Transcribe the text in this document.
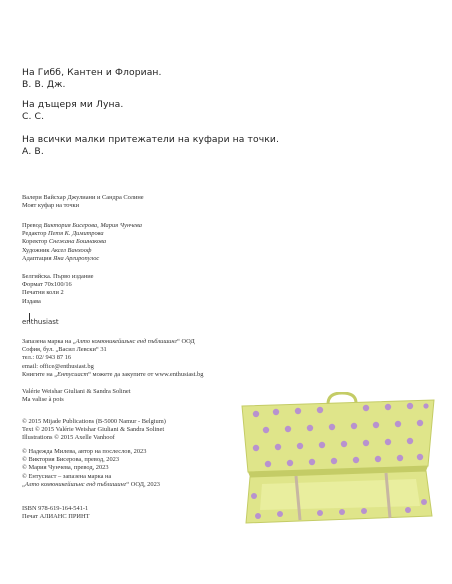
На Гибб, Кантен и Флориан.
В. В. Дж.
На дъщеря ми Луна.
С. С.
На всички малки притежатели на куфари на точки.
А. В.
Валери Вайсхар Джулиани и Сандра Солине
Моят куфар на точки
Превод Виктория Бисерова, Мария Чунчева
Редактор Петя К. Димитрова
Коректор Снежана Бошнакова
Художник Аксел Ванхооф
Адаптация Яна Аргиропулос
Белгийска. Първо издание
Формат 70х100/16
Печатни коли 2
Издава
enthusiast
Запазена марка на „Алто комюникейшънс енд пъблишинг“ ООД
София, бул. „Васил Левски“ 31
тел.: 02/ 943 87 16
email: office@enthusiast.bg
Книгите на „Ентусиаст“ можете да закупите от www.enthusiast.bg
Valérie Weishar Giuliani & Sandra Solinet
Ma valise à pois
© 2015 Mijade Publications (B-5000 Namur - Belgium)
Text © 2015 Valérie Weishar Giuliani & Sandra Solinet
Illustrations © 2015 Axelle Vanhoof
© Надежда Милева, автор на послеслов, 2023
© Виктория Бисерова, превод, 2023
© Мария Чунчева, превод, 2023
© Ентусиаст – запазена марка на
„Алто комюникейшънс енд пъблишинг“ ООД, 2023
ISBN 978-619-164-541-1
Печат АЛИАНС ПРИНТ
